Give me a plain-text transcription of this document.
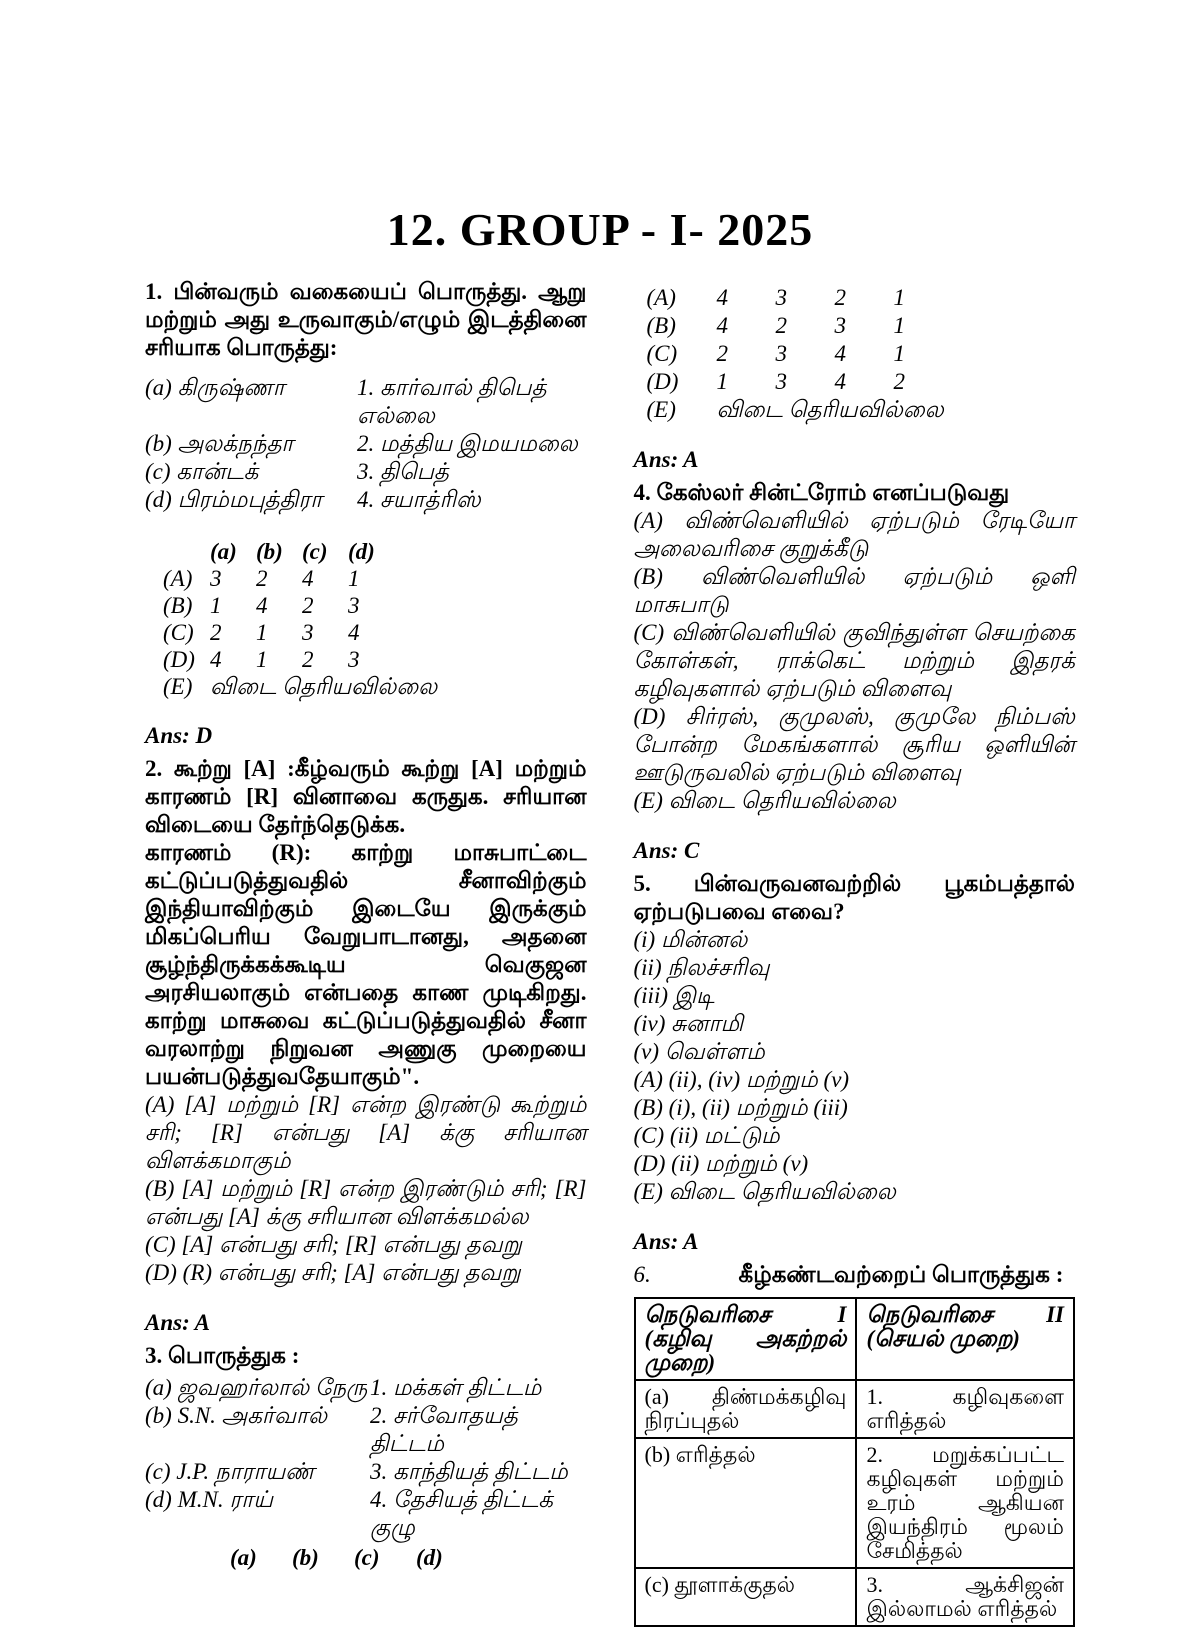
12. GROUP - I- 2025

1. பின்வரும் வகையைப் பொருத்து. ஆறு மற்றும் அது உருவாகும்/எழும் இடத்தினை சரியாக பொருத்து:

(a) கிருஷ்ணா	1. கார்வால் திபெத் எல்லை
(b) அலக்நந்தா	2. மத்திய இமயமலை
(c) கான்டக்	3. திபெத்
(d) பிரம்மபுத்திரா	4. சயாத்ரிஸ்
(a) (b) (c) (d)
(A) 3	2	4	1
(B) 1	4	2	3
(C) 2	1	3	4
(D) 4	1	2	3
(E) விடை தெரியவில்லை

Ans: D

2. கூற்று [A] :கீழ்வரும் கூற்று [A] மற்றும் காரணம் [R] வினாவை கருதுக. சரியான விடையை தேர்ந்தெடுக்க.

காரணம் (R): காற்று மாசுபாட்டை கட்டுப்படுத்துவதில் சீனாவிற்கும் இந்தியாவிற்கும் இடையே இருக்கும் மிகப்பெரிய வேறுபாடானது, அதனை சூழ்ந்திருக்கக்கூடிய வெகுஜன அரசியலாகும் என்பதை காண முடிகிறது. காற்று மாசுவை கட்டுப்படுத்துவதில் சீனா வரலாற்று நிறுவன அணுகு முறையை பயன்படுத்துவதேயாகும்".

(A) [A] மற்றும் [R] என்ற இரண்டு கூற்றும் சரி; [R] என்பது [A] க்கு சரியான விளக்கமாகும்

(B) [A] மற்றும் [R] என்ற இரண்டும் சரி; [R] என்பது [A] க்கு சரியான விளக்கமல்ல

(C) [A] என்பது சரி; [R] என்பது தவறு

(D) (R) என்பது சரி; [A] என்பது தவறு

Ans: A

3. பொருத்துக :

(a) ஜவஹர்லால் நேரு 1. மக்கள் திட்டம்
(b) S.N. அகர்வால்	2. சர்வோதயத் திட்டம்
(c) J.P. நாராயண்	3. காந்தியத் திட்டம்
(d) M.N. ராய்	4. தேசியத் திட்டக் குழு
(a)	(b)	(c)	(d)
(A)	4	3	2	1
(B)	4	2	3	1
(C)	2	3	4	1
(D)	1	3	4	2
(E)	விடை தெரியவில்லை

Ans: A

4. கேஸ்லர் சின்ட்ரோம் எனப்படுவது

(A) விண்வெளியில் ஏற்படும் ரேடியோ அலைவரிசை குறுக்கீடு

(B) விண்வெளியில் ஏற்படும் ஒளி மாசுபாடு

(C) விண்வெளியில் குவிந்துள்ள செயற்கை கோள்கள், ராக்கெட் மற்றும் இதரக் கழிவுகளால் ஏற்படும் விளைவு

(D) சிர்ரஸ், குமுலஸ், குமுலே நிம்பஸ் போன்ற மேகங்களால் சூரிய ஒளியின் ஊடுருவலில் ஏற்படும் விளைவு

(E) விடை தெரியவில்லை

Ans: C

5. பின்வருவனவற்றில் பூகம்பத்தால் ஏற்படுபவை எவை?

(i) மின்னல்

(ii) நிலச்சரிவு

(iii) இடி

(iv) சுனாமி

(v) வெள்ளம்

(A) (ii), (iv) மற்றும் (v)

(B) (i), (ii) மற்றும் (iii)

(C) (ii) மட்டும்

(D) (ii) மற்றும் (v)

(E) விடை தெரியவில்லை

Ans: A

6.	கீழ்கண்டவற்றைப் பொருத்துக :
நெடுவரிசை I (கழிவு அகற்றல் முறை)	நெடுவரிசை II (செயல் முறை)
(a) திண்மக்கழிவு நிரப்புதல்	1. கழிவுகளை எரித்தல்
(b) எரித்தல்	2. மறுக்கப்பட்ட கழிவுகள் மற்றும் உரம் ஆகியன இயந்திரம் மூலம் சேமித்தல்
(c) தூளாக்குதல்	3. ஆக்சிஜன் இல்லாமல் எரித்தல்
